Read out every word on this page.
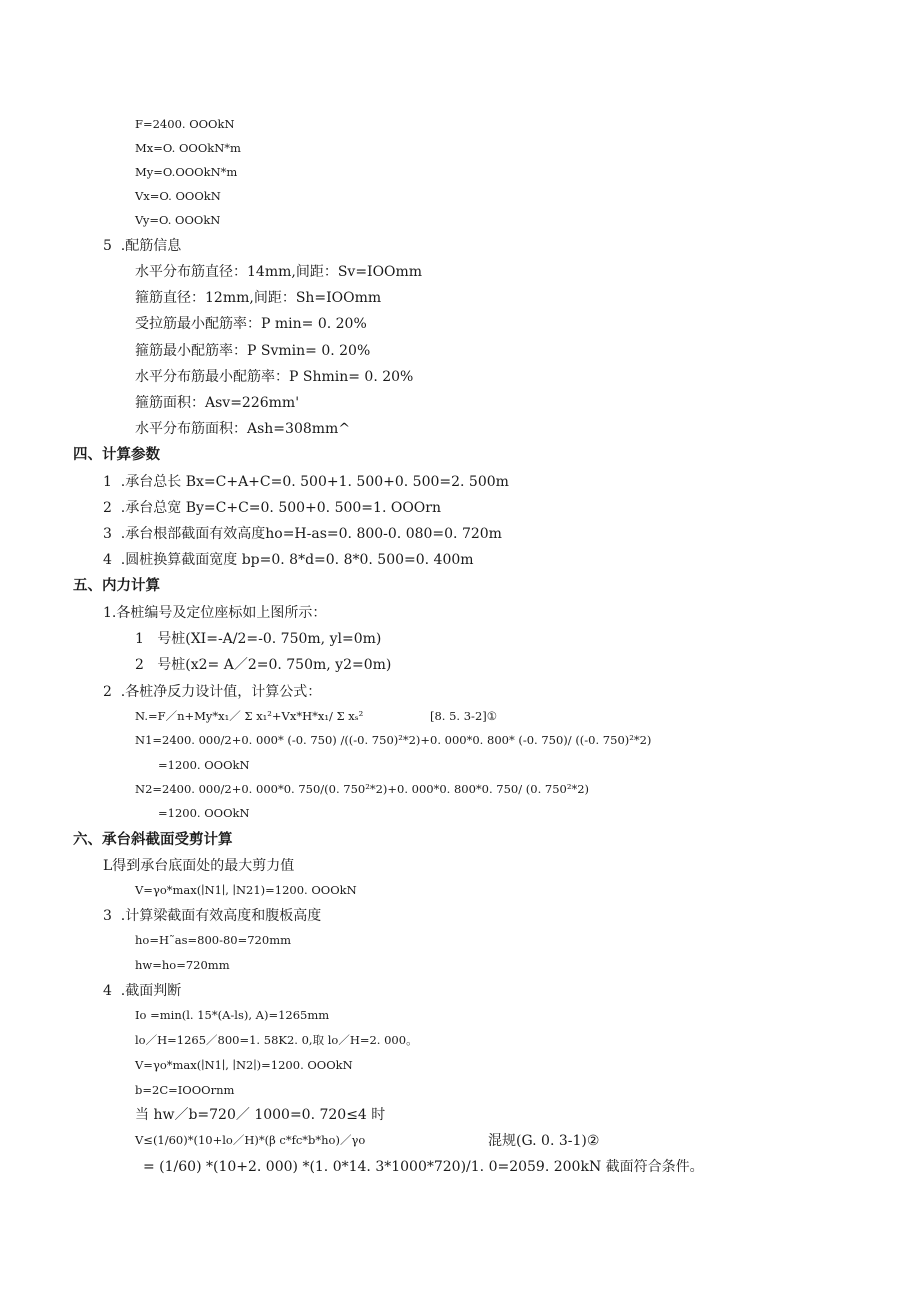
F=2400. OOOkN
Mx=O. OOOkN*m
My=O.OOOkN*m
Vx=O. OOOkN
Vy=O. OOOkN
5  .配筋信息
水平分布筋直径：14mm,间距：Sv=IOOmm
箍筋直径：12mm,间距：Sh=IOOmm
受拉筋最小配筋率：P min= 0. 20%
箍筋最小配筋率：P Svmin= 0. 20%
水平分布筋最小配筋率：P Shmin= 0. 20%
箍筋面积：Asv=226mm'
水平分布筋面积：Ash=308mm^
四、计算参数
1  .承台总长 Bx=C+A+C=0. 500+1. 500+0. 500=2. 500m
2  .承台总宽 By=C+C=0. 500+0. 500=1. OOOrn
3  .承台根部截面有效高度ho=H-as=0. 800-0. 080=0. 720m
4  .圆桩换算截面宽度 bp=0. 8*d=0. 8*0. 500=0. 400m
五、内力计算
1.各桩编号及定位座标如上图所示：
1   号桩(XI=-A/2=-0. 750m, yl=0m)
2   号桩(x2= A／2=0. 750m, y2=0m)
2  .各桩净反力设计值，计算公式：
N.=F／n+My*x₁／ Σ x₁²+Vx*H*x₁/ Σ xₛ²	[8. 5. 3-2]①
N1=2400. 000/2+0. 000* (-0. 750) /((-0. 750)²*2)+0. 000*0. 800* (-0. 750)/ ((-0. 750)²*2)
=1200. OOOkN
N2=2400. 000/2+0. 000*0. 750/(0. 750²*2)+0. 000*0. 800*0. 750/ (0. 750²*2)
=1200. OOOkN
六、承台斜截面受剪计算
L得到承台底面处的最大剪力值
V=γo*max(∣N1∣, ∣N21)=1200. OOOkN
3  .计算梁截面有效高度和腹板高度
ho=H˜as=800-80=720mm
hw=ho=720mm
4  .截面判断
Io =min(l. 15*(A-ls), A)=1265mm
lo／H=1265／800=1. 58K2. 0,取 lo／H=2. 000。
V=γo*max(∣N1∣, ∣N2∣)=1200. OOOkN
b=2C=IOOOrnm
当 hw／b=720／ 1000=0. 720≤4 时
V≤(1/60)*(10+lo／H)*(β c*fc*b*ho)／γo	混规(G. 0. 3-1)②
= (1/60) *(10+2. 000) *(1. 0*14. 3*1000*720)/1. 0=2059. 200kN 截面符合条件。
